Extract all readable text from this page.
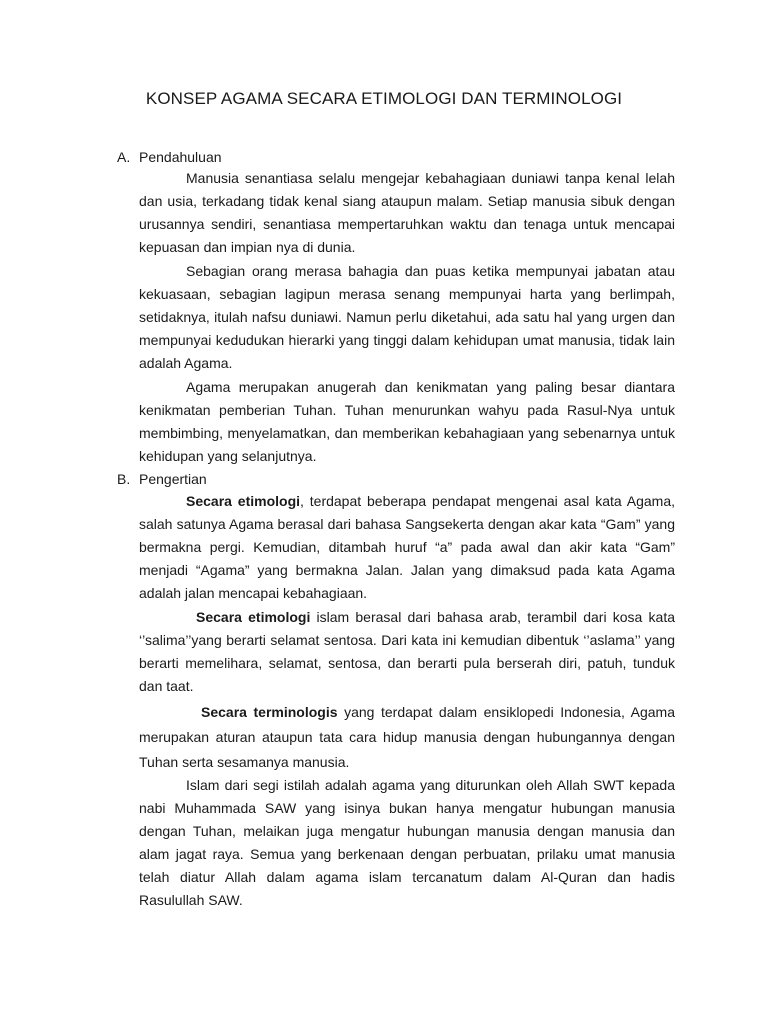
KONSEP AGAMA SECARA ETIMOLOGI DAN TERMINOLOGI
A. Pendahuluan

Manusia senantiasa selalu mengejar kebahagiaan duniawi tanpa kenal lelah dan usia, terkadang tidak kenal siang ataupun malam. Setiap manusia sibuk dengan urusannya sendiri, senantiasa mempertaruhkan waktu dan tenaga untuk mencapai kepuasan dan impian nya di dunia.

Sebagian orang merasa bahagia dan puas ketika mempunyai jabatan atau kekuasaan, sebagian lagipun merasa senang mempunyai harta yang berlimpah, setidaknya, itulah nafsu duniawi. Namun perlu diketahui, ada satu hal yang urgen dan mempunyai kedudukan hierarki yang tinggi dalam kehidupan umat manusia, tidak lain adalah Agama.

Agama merupakan anugerah dan kenikmatan yang paling besar diantara kenikmatan pemberian Tuhan. Tuhan menurunkan wahyu pada Rasul-Nya untuk membimbing, menyelamatkan, dan memberikan kebahagiaan yang sebenarnya untuk kehidupan yang selanjutnya.

B. Pengertian

Secara etimologi, terdapat beberapa pendapat mengenai asal kata Agama, salah satunya Agama berasal dari bahasa Sangsekerta dengan akar kata “Gam” yang bermakna pergi. Kemudian, ditambah huruf “a” pada awal dan akir kata “Gam” menjadi “Agama” yang bermakna Jalan. Jalan yang dimaksud pada kata Agama adalah jalan mencapai kebahagiaan.

Secara etimologi islam berasal dari bahasa arab, terambil dari kosa kata ‘’salima’’yang berarti selamat sentosa. Dari kata ini kemudian dibentuk ‘’aslama’’ yang berarti memelihara, selamat, sentosa, dan berarti pula berserah diri, patuh, tunduk dan taat.

Secara terminologis yang terdapat dalam ensiklopedi Indonesia, Agama merupakan aturan ataupun tata cara hidup manusia dengan hubungannya dengan Tuhan serta sesamanya manusia.

Islam dari segi istilah adalah agama yang diturunkan oleh Allah SWT kepada nabi Muhammada SAW yang isinya bukan hanya mengatur hubungan manusia dengan Tuhan, melaikan juga mengatur hubungan manusia dengan manusia dan alam jagat raya. Semua yang berkenaan dengan perbuatan, prilaku umat manusia telah diatur Allah dalam agama islam tercanatum dalam Al-Quran dan hadis Rasulullah SAW.
